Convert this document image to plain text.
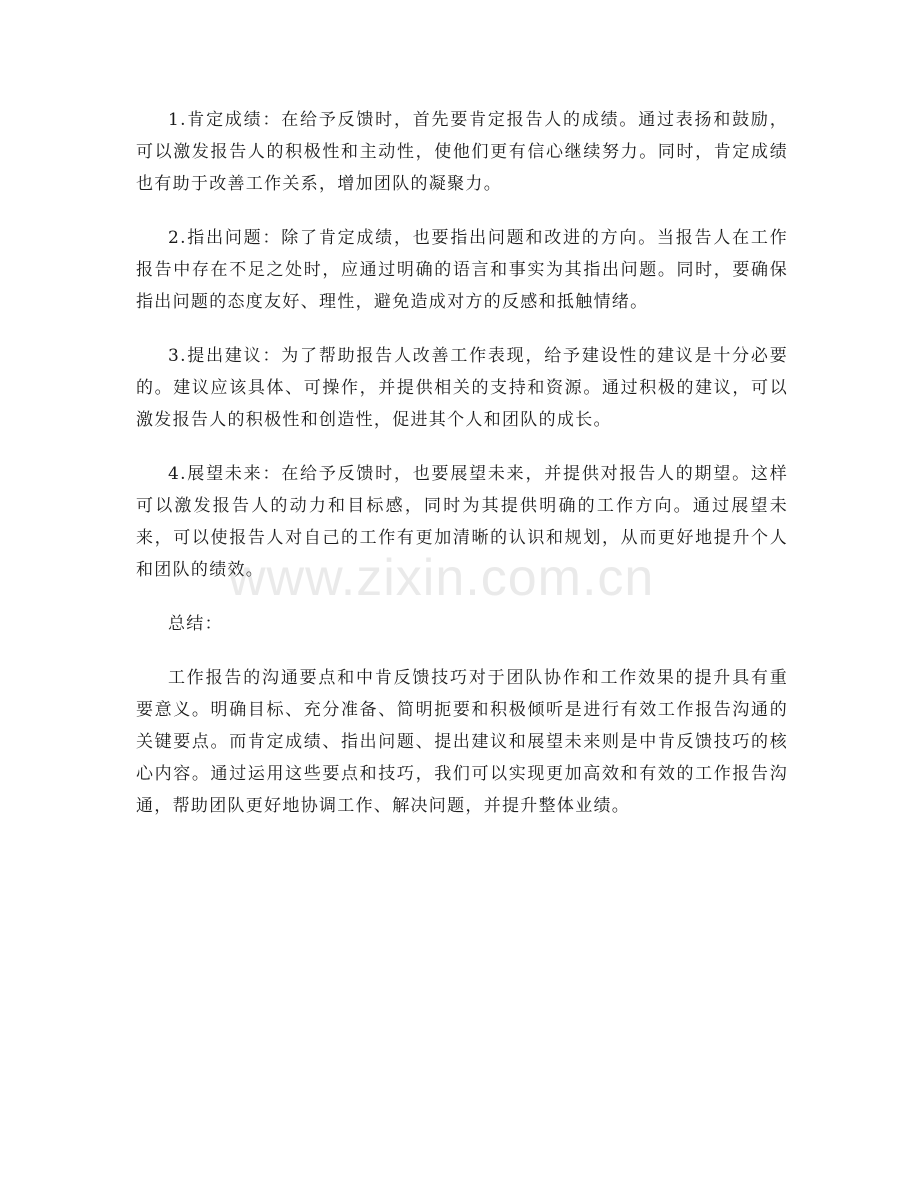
1.肯定成绩：在给予反馈时，首先要肯定报告人的成绩。通过表扬和鼓励，可以激发报告人的积极性和主动性，使他们更有信心继续努力。同时，肯定成绩也有助于改善工作关系，增加团队的凝聚力。

2.指出问题：除了肯定成绩，也要指出问题和改进的方向。当报告人在工作报告中存在不足之处时，应通过明确的语言和事实为其指出问题。同时，要确保指出问题的态度友好、理性，避免造成对方的反感和抵触情绪。

3.提出建议：为了帮助报告人改善工作表现，给予建设性的建议是十分必要的。建议应该具体、可操作，并提供相关的支持和资源。通过积极的建议，可以激发报告人的积极性和创造性，促进其个人和团队的成长。

4.展望未来：在给予反馈时，也要展望未来，并提供对报告人的期望。这样可以激发报告人的动力和目标感，同时为其提供明确的工作方向。通过展望未来，可以使报告人对自己的工作有更加清晰的认识和规划，从而更好地提升个人和团队的绩效。

总结：

工作报告的沟通要点和中肯反馈技巧对于团队协作和工作效果的提升具有重要意义。明确目标、充分准备、简明扼要和积极倾听是进行有效工作报告沟通的关键要点。而肯定成绩、指出问题、提出建议和展望未来则是中肯反馈技巧的核心内容。通过运用这些要点和技巧，我们可以实现更加高效和有效的工作报告沟通，帮助团队更好地协调工作、解决问题，并提升整体业绩。

www.zixin.com.cn
